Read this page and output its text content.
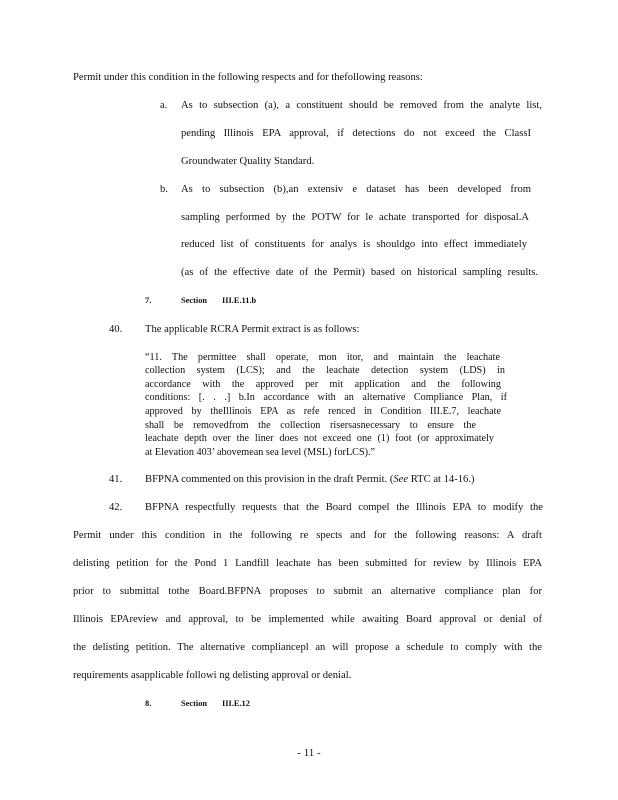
Permit under this condition in the following respects and for thefollowing reasons:
a. As to subsection (a), a constituent should be removed from the analyte list,
pending Illinois EPA approval, if detections do not exceed the ClassI
Groundwater Quality Standard.
b. As to subsection (b),an extensiv e dataset has been developed from
sampling performed by the POTW for le achate transported for disposal.A
reduced list of constituents for analys is shouldgo into effect immediately
(as of the effective date of the Permit) based on historical sampling results.
7.	Section III.E.11.b
40. The applicable RCRA Permit extract is as follows:
“11. The permittee shall operate, mon itor, and maintain the leachate
collection system (LCS); and the leachate detection system (LDS) in
accordance with the approved per mit application and the following
conditions: [. . .] b.In accordance with an alternative Compliance Plan, if
approved by theIllinois EPA as refe renced in Condition III.E.7, leachate
shall be removedfrom the collection risersasnecessary to ensure the
leachate depth over the liner does not exceed one (1) foot (or approximately
at Elevation 403’ abovemean sea level (MSL) forLCS).”
41. BFPNA commented on this provision in the draft Permit. (See RTC at 14-16.)
42. BFPNA respectfully requests that the Board compel the Illinois EPA to modify the
Permit under this condition in the following re spects and for the following reasons: A draft
delisting petition for the Pond 1 Landfill leachate has been submitted for review by Illinois EPA
prior to submittal tothe Board.BFPNA proposes to submit an alternative compliance plan for
Illinois EPAreview and approval, to be implemented while awaiting Board approval or denial of
the delisting petition. The alternative compliancepl an will propose a schedule to comply with the
requirements asapplicable followi ng delisting approval or denial.
8.	Section III.E.12
- 11 -
